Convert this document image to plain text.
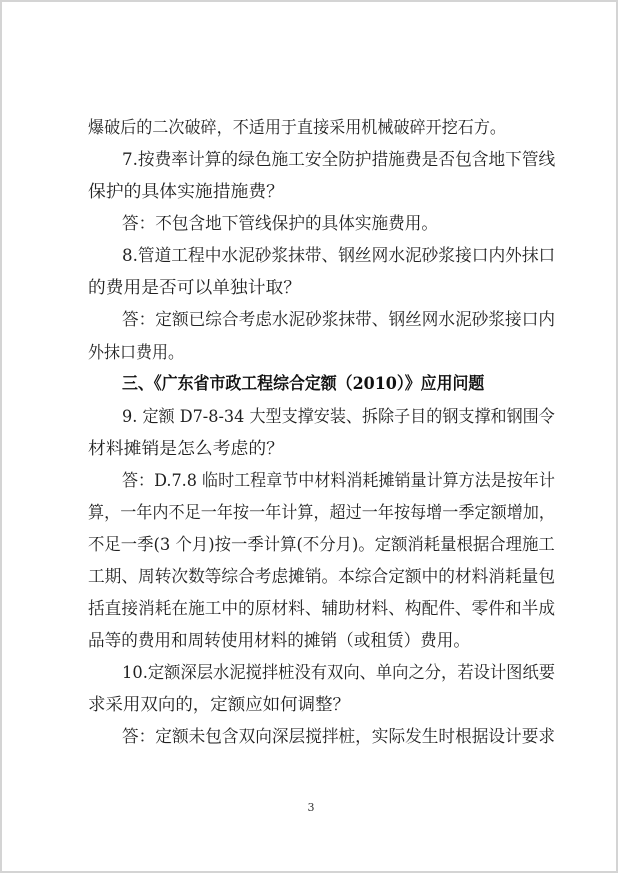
爆破后的二次破碎，不适用于直接采用机械破碎开挖石方。
7.按费率计算的绿色施工安全防护措施费是否包含地下管线
保护的具体实施措施费？
答：不包含地下管线保护的具体实施费用。
8.管道工程中水泥砂浆抹带、钢丝网水泥砂浆接口内外抹口
的费用是否可以单独计取？
答：定额已综合考虑水泥砂浆抹带、钢丝网水泥砂浆接口内
外抹口费用。
三、《广东省市政工程综合定额（2010）》应用问题
9. 定额 D7-8-34 大型支撑安装、拆除子目的钢支撑和钢围令
材料摊销是怎么考虑的？
答：D.7.8 临时工程章节中材料消耗摊销量计算方法是按年计
算，一年内不足一年按一年计算，超过一年按每增一季定额增加，
不足一季(3 个月)按一季计算(不分月)。定额消耗量根据合理施工
工期、周转次数等综合考虑摊销。本综合定额中的材料消耗量包
括直接消耗在施工中的原材料、辅助材料、构配件、零件和半成
品等的费用和周转使用材料的摊销（或租赁）费用。
10.定额深层水泥搅拌桩没有双向、单向之分，若设计图纸要
求采用双向的，定额应如何调整？
答：定额未包含双向深层搅拌桩，实际发生时根据设计要求
3
